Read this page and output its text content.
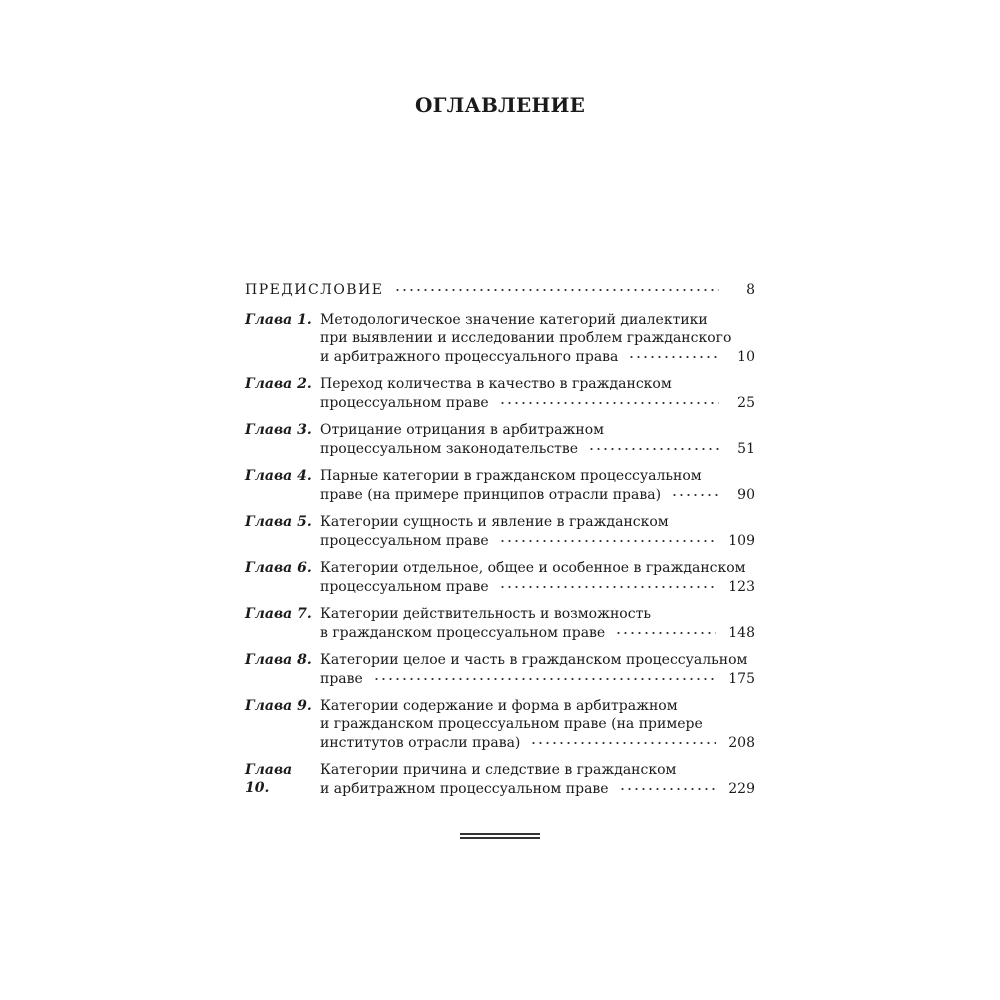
ОГЛАВЛЕНИЕ
ПРЕДИСЛОВИЕ	8
Глава 1. Методологическое значение категорий диалектики
при выявлении и исследовании проблем гражданского
и арбитражного процессуального права	10
Глава 2. Переход количества в качество в гражданском
процессуальном праве	25
Глава 3. Отрицание отрицания в арбитражном
процессуальном законодательстве	51
Глава 4. Парные категории в гражданском процессуальном
праве (на примере принципов отрасли права)	90
Глава 5. Категории сущность и явление в гражданском
процессуальном праве	109
Глава 6. Категории отдельное, общее и особенное в гражданском
процессуальном праве	123
Глава 7. Категории действительность и возможность
в гражданском процессуальном праве	148
Глава 8. Категории целое и часть в гражданском процессуальном
праве	175
Глава 9. Категории содержание и форма в арбитражном
и гражданском процессуальном праве (на примере
институтов отрасли права)	208
Глава 10.
Категории причина и следствие в гражданском
и арбитражном процессуальном праве	229
